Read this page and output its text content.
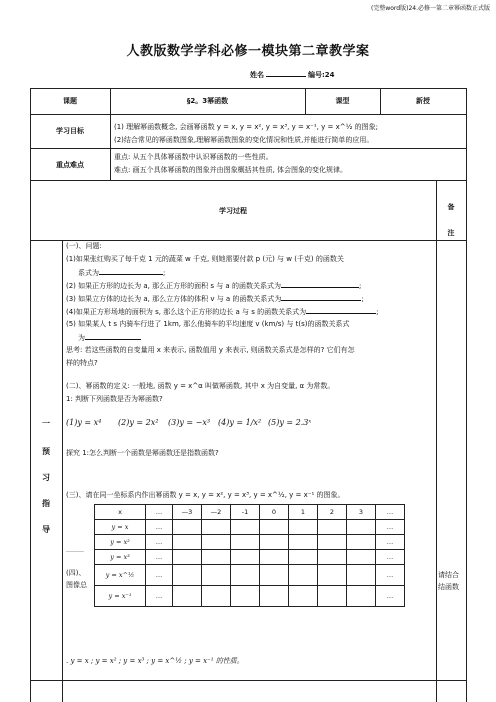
(完整word版)24.必修一第二章幂函数正式版
人教版数学学科必修一模块第二章教学案
姓名	编号:24
课题	§2。3幂函数	课型	新授
学习目标	(1) 理解幂函数概念, 会画幂函数 y = x, y = x², y = x³, y = x⁻¹, y = x^½ 的图象;
(2)结合常见的幂函数图象,理解幂函数图象的变化情况和性质,并能进行简单的应用。
重点难点
重点: 从五个具体幂函数中认识幂函数的一些性质。
难点: 画五个具体幂函数的图象并由图象概括其性质, 体会图象的变化规律。
学习过程	备
注
一
预
习
指
导
(一)、问题:
(1)如果张红购买了每千克 1 元的蔬菜 w 千克, 则她需要付款 p (元) 与 w (千克) 的函数关
系式为	;
(2) 如果正方形的边长为 a, 那么正方形的面积 s 与 a 的函数关系式为	;
(3) 如果立方体的边长为 a, 那么立方体的体积 v 与 a 的函数关系式为	;
(4)如果正方形场地的面积为 s, 那么这个正方形的边长 a 与 s 的函数关系式为	;
(5) 如果某人 t s 内骑车行进了 1km, 那么他骑车的平均速度 v (km/s) 与 t(s)的函数关系式
为
思考: 若这些函数的自变量用 x 来表示, 函数值用 y 来表示, 则函数关系式是怎样的? 它们有怎
样的特点?
(二)、幂函数的定义: 一般地, 函数 y = x^α 叫做幂函数, 其中 x 为自变量, α 为常数。
1: 判断下列函数是否为幂函数?
(1)y = x⁴ (2)y = 2x² (3)y = −x³ (4)y = 1/x² (5)y = 2.3ˣ
探究 1:怎么判断一个函数是幂函数还是指数函数?
(三)、请在同一坐标系内作出幂函数 y = x, y = x², y = x³, y = x^½, y = x⁻¹ 的图象。
x	…	—3	—2	-1	0	1	2	3	…
y = x	…								…
y = x²	…								…
y = x³	…								…
y = x^½	…								…
y = x⁻¹	…								…
………
(四)、
图像总
请结合
结函数
. y = x ; y = x² ; y = x³ ; y = x^½ ; y = x⁻¹ 的性质。
